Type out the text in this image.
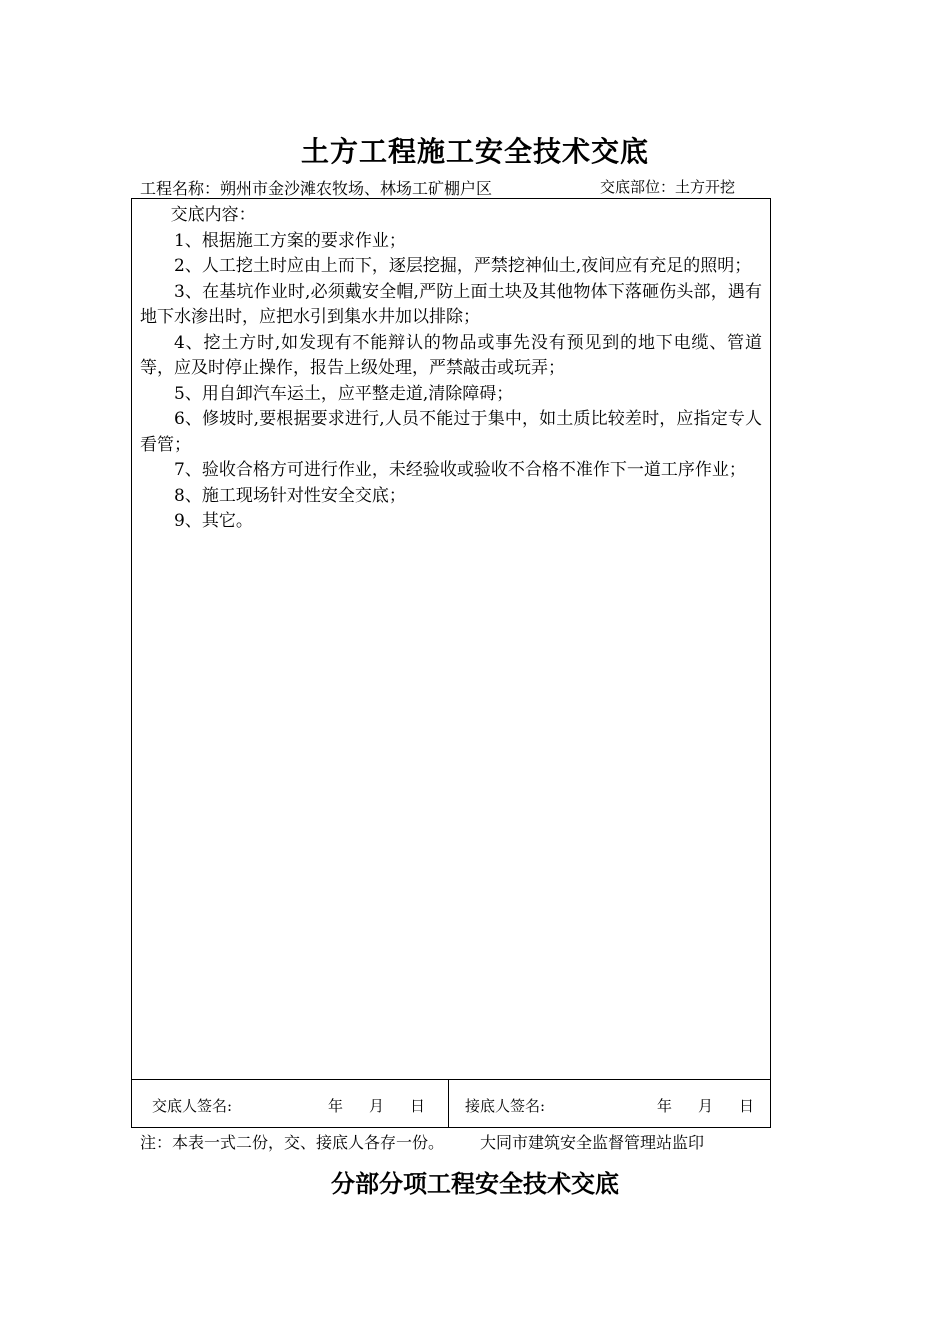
土方工程施工安全技术交底
工程名称：朔州市金沙滩农牧场、林场工矿棚户区	交底部位：土方开挖

交底内容：

1、根据施工方案的要求作业；

2、人工挖土时应由上而下，逐层挖掘，严禁挖神仙土,夜间应有充足的照明；

3、在基坑作业时,必须戴安全帽,严防上面土块及其他物体下落砸伤头部，遇有地下水渗出时，应把水引到集水井加以排除；

4、挖土方时,如发现有不能辩认的物品或事先没有预见到的地下电缆、管道等，应及时停止操作，报告上级处理，严禁敲击或玩弄；

5、用自卸汽车运土，应平整走道,清除障碍；

6、修坡时,要根据要求进行,人员不能过于集中，如土质比较差时，应指定专人看管；

7、验收合格方可进行作业，未经验收或验收不合格不准作下一道工序作业；

8、施工现场针对性安全交底；

9、其它。

交底人签名:	年 月 日	接底人签名:	年 月 日
注：本表一式二份，交、接底人各存一份。 大同市建筑安全监督管理站监印
分部分项工程安全技术交底
